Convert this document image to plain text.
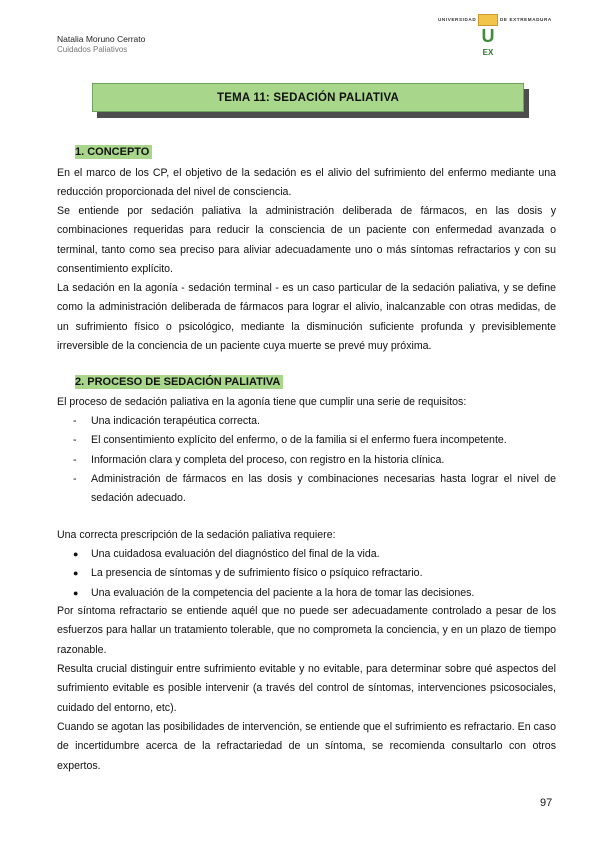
Natalia Moruno Cerrato
Cuidados Paliativos
UNIVERSIDAD	DE EXTREMADURA
U
EX
TEMA 11: SEDACIÓN PALIATIVA
1. CONCEPTO
En el marco de los CP, el objetivo de la sedación es el alivio del sufrimiento del enfermo mediante una reducción proporcionada del nivel de consciencia.
Se entiende por sedación paliativa la administración deliberada de fármacos, en las dosis y combinaciones requeridas para reducir la consciencia de un paciente con enfermedad avanzada o terminal, tanto como sea preciso para aliviar adecuadamente uno o más síntomas refractarios y con su consentimiento explícito.
La sedación en la agonía - sedación terminal - es un caso particular de la sedación paliativa, y se define como la administración deliberada de fármacos para lograr el alivio, inalcanzable con otras medidas, de un sufrimiento físico o psicológico, mediante la disminución suficiente profunda y previsiblemente irreversible de la conciencia de un paciente cuya muerte se prevé muy próxima.
2. PROCESO DE SEDACIÓN PALIATIVA
El proceso de sedación paliativa en la agonía tiene que cumplir una serie de requisitos:
- Una indicación terapéutica correcta.
- El consentimiento explícito del enfermo, o de la familia si el enfermo fuera incompetente.
- Información clara y completa del proceso, con registro en la historia clínica.
- Administración de fármacos en las dosis y combinaciones necesarias hasta lograr el nivel de sedación adecuado.
Una correcta prescripción de la sedación paliativa requiere:
● Una cuidadosa evaluación del diagnóstico del final de la vida.
● La presencia de síntomas y de sufrimiento físico o psíquico refractario.
● Una evaluación de la competencia del paciente a la hora de tomar las decisiones.
Por síntoma refractario se entiende aquél que no puede ser adecuadamente controlado a pesar de los esfuerzos para hallar un tratamiento tolerable, que no comprometa la conciencia, y en un plazo de tiempo razonable.
Resulta crucial distinguir entre sufrimiento evitable y no evitable, para determinar sobre qué aspectos del sufrimiento evitable es posible intervenir (a través del control de síntomas, intervenciones psicosociales, cuidado del entorno, etc).
Cuando se agotan las posibilidades de intervención, se entiende que el sufrimiento es refractario. En caso de incertidumbre acerca de la refractariedad de un síntoma, se recomienda consultarlo con otros expertos.
97
